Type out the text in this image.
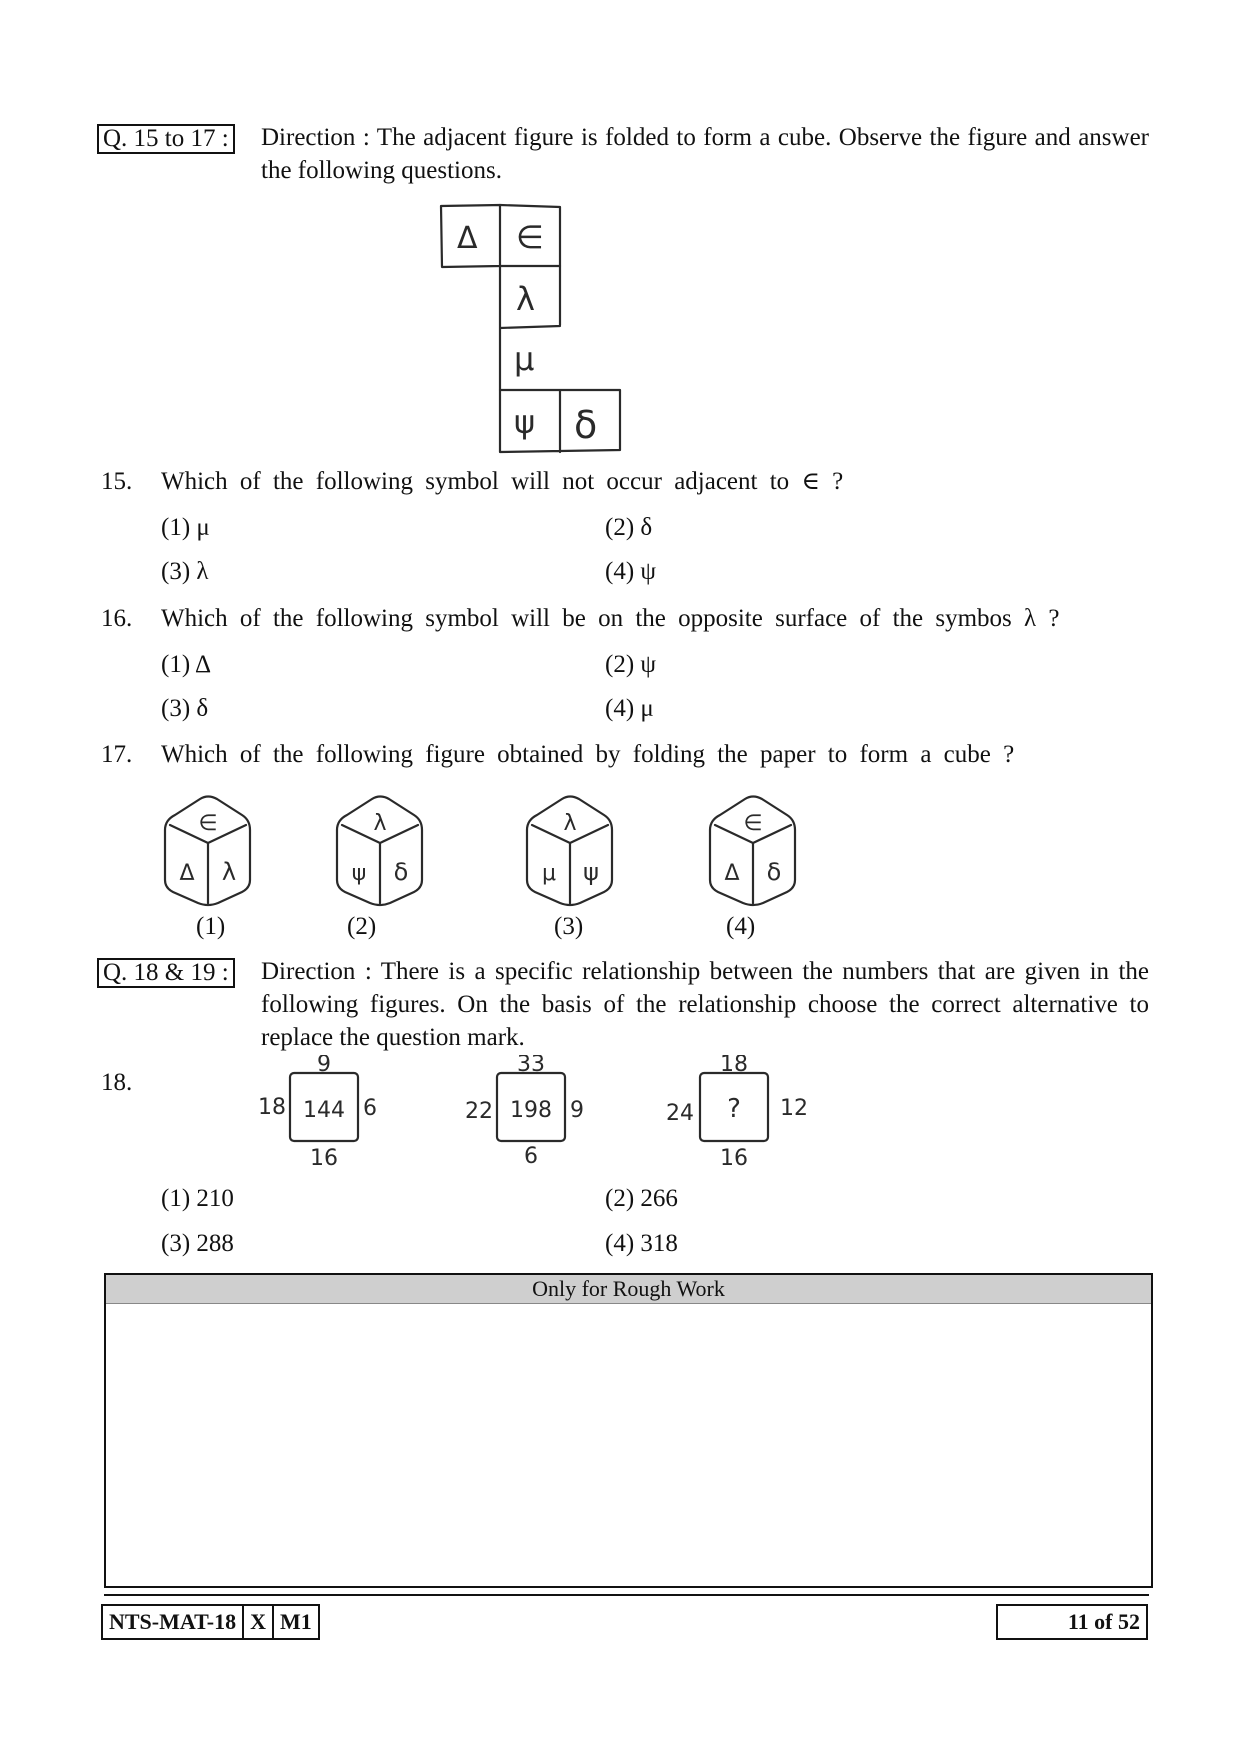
Q. 15 to 17 : Direction : The adjacent figure is folded to form a cube. Observe the figure and answer the following questions.
Δ ∈
λ
μ
ψ δ
15. Which of the following symbol will not occur adjacent to ∈ ?
(1) μ	(2) δ
(3) λ	(4) ψ
16. Which of the following symbol will be on the opposite surface of the symbos λ ?
(1) Δ	(2) ψ
(3) δ	(4) μ
17. Which of the following figure obtained by folding the paper to form a cube ?
∈
Δ λ
λ
ψ δ
λ
μ ψ
∈
Δ δ
(1)	(2)	(3)	(4)
Q. 18 & 19 : Direction : There is a specific relationship between the numbers that are given in the following figures. On the basis of the relationship choose the correct alternative to replace the question mark.
18.
9
18 144 6
16
33
22 198 9
6
18
24 ? 12
16
(1) 210	(2) 266
(3) 288	(4) 318
Only for Rough Work
NTS-MAT-18 X M1	11 of 52
